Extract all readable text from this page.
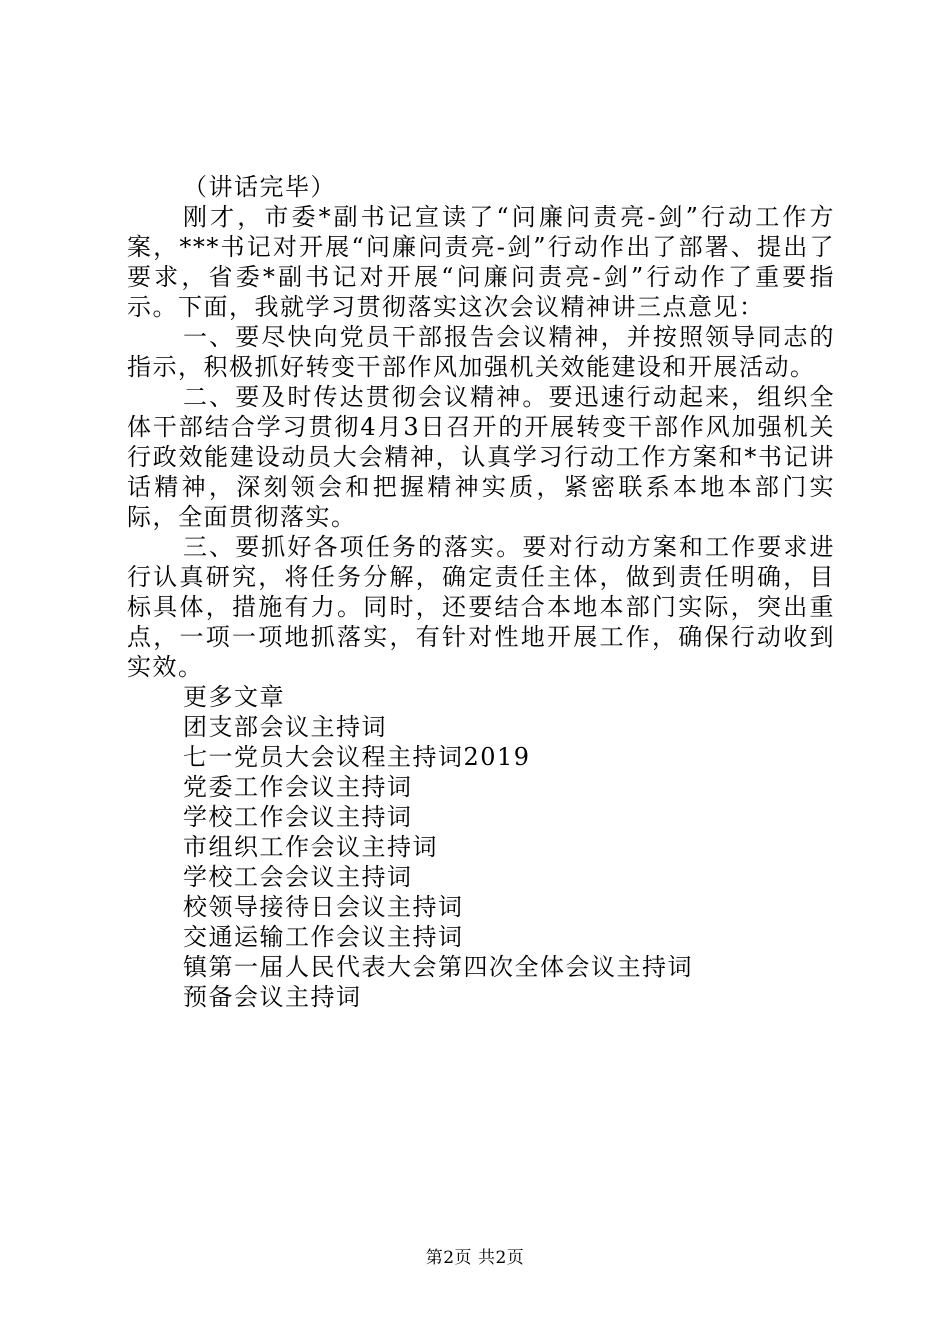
（讲话完毕）

刚才，市委*副书记宣读了“问廉问责亮-剑”行动工作方案，***书记对开展“问廉问责亮-剑”行动作出了部署、提出了要求，省委*副书记对开展“问廉问责亮-剑”行动作了重要指示。下面，我就学习贯彻落实这次会议精神讲三点意见：

一、要尽快向党员干部报告会议精神，并按照领导同志的指示，积极抓好转变干部作风加强机关效能建设和开展活动。

二、要及时传达贯彻会议精神。要迅速行动起来，组织全体干部结合学习贯彻4月3日召开的开展转变干部作风加强机关行政效能建设动员大会精神，认真学习行动工作方案和*书记讲话精神，深刻领会和把握精神实质，紧密联系本地本部门实际，全面贯彻落实。

三、要抓好各项任务的落实。要对行动方案和工作要求进行认真研究，将任务分解，确定责任主体，做到责任明确，目标具体，措施有力。同时，还要结合本地本部门实际，突出重点，一项一项地抓落实，有针对性地开展工作，确保行动收到实效。

更多文章

团支部会议主持词
七一党员大会议程主持词2019
党委工作会议主持词
学校工作会议主持词
市组织工作会议主持词
学校工会会议主持词
校领导接待日会议主持词
交通运输工作会议主持词
镇第一届人民代表大会第四次全体会议主持词
预备会议主持词
第2页 共2页
